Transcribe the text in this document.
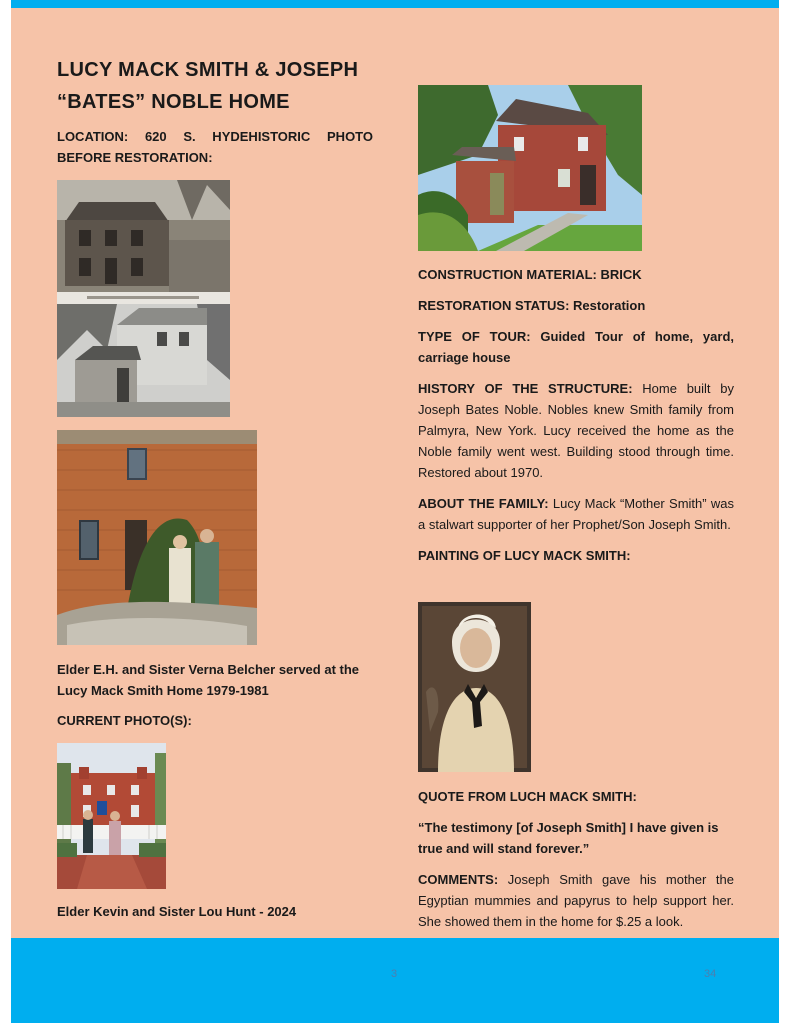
LUCY MACK SMITH & JOSEPH
“BATES” NOBLE HOME

LOCATION: 620 S. HYDEHISTORIC PHOTO BEFORE RESTORATION:

Elder E.H. and Sister Verna Belcher served at the Lucy Mack Smith Home 1979-1981

CURRENT PHOTO(S):

Elder Kevin and Sister Lou Hunt - 2024

CONSTRUCTION MATERIAL: BRICK

RESTORATION STATUS: Restoration

TYPE OF TOUR: Guided Tour of home, yard, carriage house

HISTORY OF THE STRUCTURE: Home built by Joseph Bates Noble. Nobles knew Smith family from Palmyra, New York. Lucy received the home as the Noble family went west. Building stood through time. Restored about 1970.

ABOUT THE FAMILY: Lucy Mack “Mother Smith” was a stalwart supporter of her Prophet/Son Joseph Smith.

PAINTING OF LUCY MACK SMITH:

QUOTE FROM LUCH MACK SMITH:

“The testimony [of Joseph Smith] I have given is true and will stand forever.”

COMMENTS: Joseph Smith gave his mother the Egyptian mummies and papyrus to help support her. She showed them in the home for $.25 a look.

3	34
